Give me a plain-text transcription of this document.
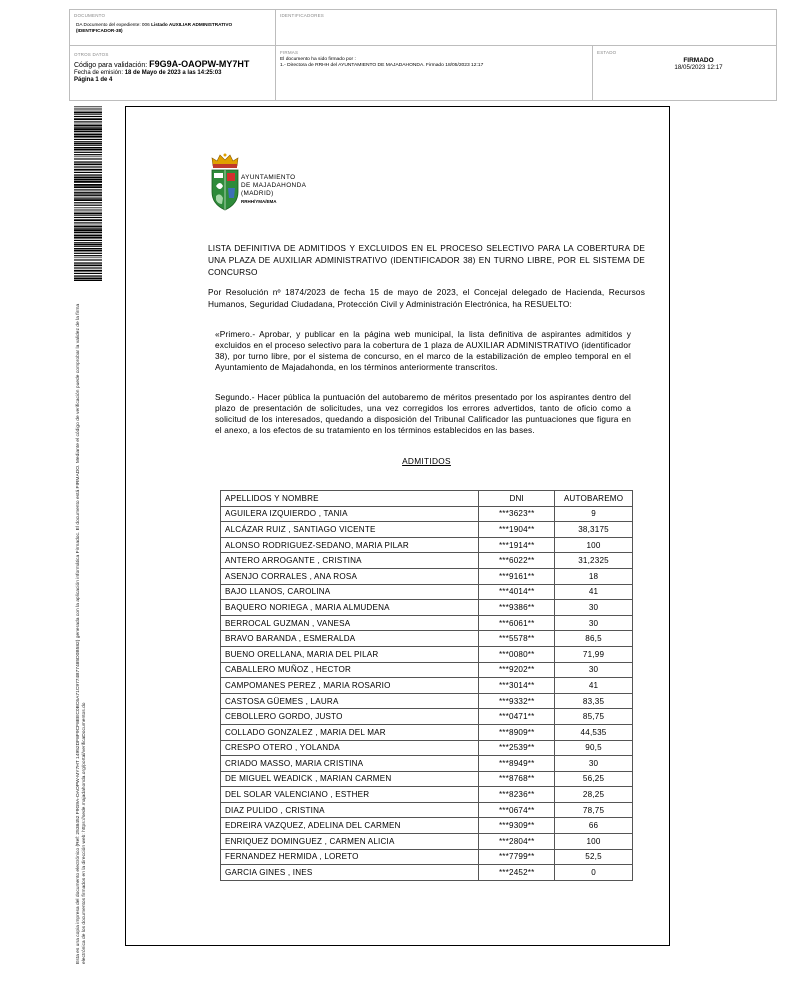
DOCUMENTO
DA Documento del expediente: 006 Listado AUXILIAR ADMINISTRATIVO
(IDENTIFICADOR-38)
IDENTIFICADORES
OTROS DATOS
Código para validación: F9G9A-OAOPW-MY7HT
Fecha de emisión: 18 de Mayo de 2023 a las 14:25:03
Página 1 de 4
FIRMAS
El documento ha sido firmado por :
1.- Directora de RRHH del AYUNTAMIENTO DE MAJADAHONDA. Firmado 18/05/2023 12:17
ESTADO
FIRMADO
18/05/2023 12:17
Esta es una copia impresa del documento electrónico (Ref: 2538452 F9G9A-OAOPW-MY7HT 14952DF8F9CF8EEC0BC6A71C9774B77485D0B582) generada con la aplicación informática Firmadoc. El documento está FIRMADO. Mediante el código de verificación puede comprobar la validez de la firma electrónica de los documentos firmados en la dirección web: https://sede.majadahonda.org/portal/verificaDocumentos.do
AYUNTAMIENTO
DE MAJADAHONDA
(MADRID)
RRHH/YMA/EMA
LISTA DEFINITIVA DE ADMITIDOS Y EXCLUIDOS EN EL PROCESO SELECTIVO PARA LA COBERTURA DE UNA PLAZA DE AUXILIAR ADMINISTRATIVO (IDENTIFICADOR 38) EN TURNO LIBRE, POR EL SISTEMA DE CONCURSO
Por Resolución nº 1874/2023 de fecha 15 de mayo de 2023, el Concejal delegado de Hacienda, Recursos Humanos, Seguridad Ciudadana, Protección Civil y Administración Electrónica, ha RESUELTO:
«Primero.- Aprobar, y publicar en la página web municipal, la lista definitiva de aspirantes admitidos y excluidos en el proceso selectivo para la cobertura de 1 plaza de AUXILIAR ADMINISTRATIVO (identificador 38), por turno libre, por el sistema de concurso, en el marco de la estabilización de empleo temporal en el Ayuntamiento de Majadahonda, en los términos anteriormente transcritos.
Segundo.- Hacer pública la puntuación del autobaremo de méritos presentado por los aspirantes dentro del plazo de presentación de solicitudes, una vez corregidos los errores advertidos, tanto de oficio como a solicitud de los interesados, quedando a disposición del Tribunal Calificador las puntuaciones que figura en el anexo, a los efectos de su tratamiento en los términos establecidos en las bases.
ADMITIDOS
APELLIDOS Y NOMBRE	DNI	AUTOBAREMO
AGUILERA IZQUIERDO , TANIA	***3623**	9
ALCÁZAR RUIZ , SANTIAGO VICENTE	***1904**	38,3175
ALONSO RODRIGUEZ-SEDANO, MARIA PILAR	***1914**	100
ANTERO ARROGANTE , CRISTINA	***6022**	31,2325
ASENJO CORRALES , ANA ROSA	***9161**	18
BAJO LLANOS, CAROLINA	***4014**	41
BAQUERO NORIEGA , MARIA ALMUDENA	***9386**	30
BERROCAL GUZMAN , VANESA	***6061**	30
BRAVO BARANDA , ESMERALDA	***5578**	86,5
BUENO ORELLANA, MARIA DEL PILAR	***0080**	71,99
CABALLERO MUÑOZ , HECTOR	***9202**	30
CAMPOMANES PEREZ , MARIA ROSARIO	***3014**	41
CASTOSA GÜEMES , LAURA	***9332**	83,35
CEBOLLERO GORDO, JUSTO	***0471**	85,75
COLLADO GONZALEZ , MARIA DEL MAR	***8909**	44,535
CRESPO OTERO , YOLANDA	***2539**	90,5
CRIADO MASSO, MARIA CRISTINA	***8949**	30
DE MIGUEL WEADICK , MARIAN CARMEN	***8768**	56,25
DEL SOLAR VALENCIANO , ESTHER	***8236**	28,25
DIAZ PULIDO , CRISTINA	***0674**	78,75
EDREIRA VAZQUEZ, ADELINA DEL CARMEN	***9309**	66
ENRIQUEZ DOMINGUEZ , CARMEN ALICIA	***2804**	100
FERNANDEZ HERMIDA , LORETO	***7799**	52,5
GARCIA GINES , INES	***2452**	0
